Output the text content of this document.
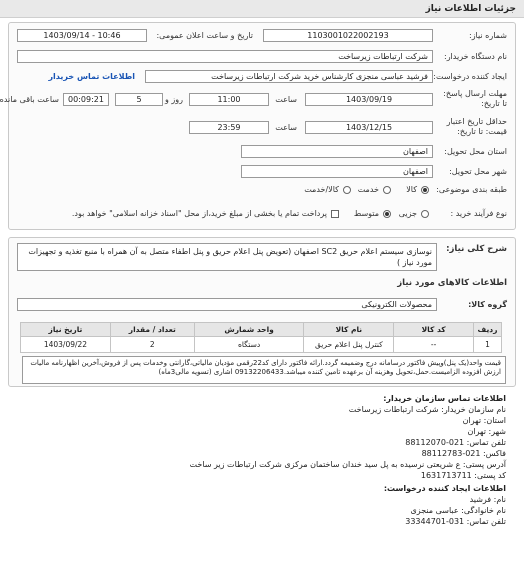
جزئیات اطلاعات نیاز
شماره نیاز:
1103001022002193
تاریخ و ساعت اعلان عمومی:
1403/09/14 - 10:46
نام دستگاه خریدار:
شرکت ارتباطات زیرساخت
ایجاد کننده درخواست:
فرشید عباسی منجزی کارشناس خرید شرکت ارتباطات زیرساخت
اطلاعات تماس خریدار
مهلت ارسال پاسخ:
تا تاریخ:
1403/09/19
ساعت
11:00
5	روز و
00:09:21
ساعت باقی مانده
حداقل تاریخ اعتبار
قیمت: تا تاریخ:
1403/12/15
ساعت
23:59
استان محل تحویل:
اصفهان
شهر محل تحویل:
اصفهان
طبقه بندی موضوعی:
کالا
خدمت
کالا/خدمت
نوع فرآیند خرید :
جزیی
متوسط
پرداخت تمام یا بخشی از مبلغ خرید،از محل "اسناد خزانه اسلامی" خواهد بود.
شرح کلی نیاز:
نوسازی سیستم اعلام حریق SC2 اصفهان (تعویض پنل اعلام حریق و پنل اطفاء متصل به آن همراه با منبع تغذیه و تجهیزات مورد نیاز )
اطلاعات کالاهای مورد نیاز
گروه کالا:
محصولات الکترونیکی
ردیف	کد کالا	نام کالا	واحد شمارش	تعداد / مقدار	تاریخ نیاز
1	--	کنترل پنل اعلام حریق	دستگاه	2	1403/09/22
قیمت واحد(یک پنل)وپیش فاکتور درسامانه درج وضمیمه گردد.ارائه فاکتور دارای کد22رقمی مؤدیان مالیاتی،گارانتی وخدمات پس از فروش،آخرین اظهارنامه مالیات ارزش افزوده الزامیست.حمل،تحویل وهزینه آن برعهده تامین کننده میباشد.09132206433 اشاری (تسویه مالی3ماه)
اطلاعات تماس سازمان خریدار:
نام سازمان خریدار: شرکت ارتباطات زیرساخت
استان: تهران
شهر: تهران
تلفن تماس: 021-88112070
فاکس: 021-88112783
آدرس پستی: ع شریعتی نرسیده به پل سید خندان ساختمان مرکزی شرکت ارتباطات زیر ساخت
کد پستی: 1631713711
اطلاعات ایجاد کننده درخواست:
نام: فرشید
نام خانوادگی: عباسی منجزی
تلفن تماس: 031-33344701
